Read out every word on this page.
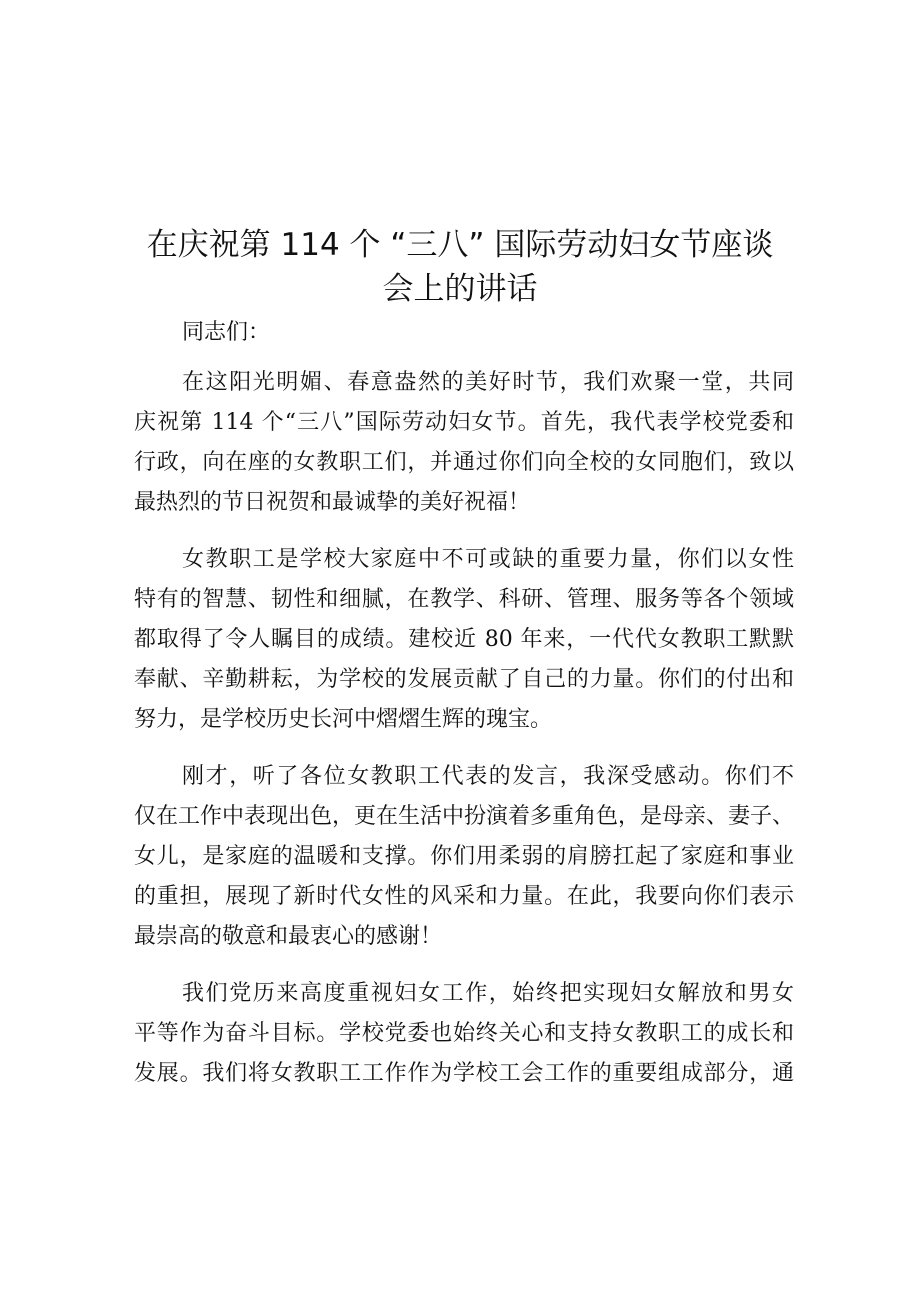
在庆祝第 114 个 “三八” 国际劳动妇女节座谈
会上的讲话

同志们：

在这阳光明媚、春意盎然的美好时节，我们欢聚一堂，共同
庆祝第 114 个“三八”国际劳动妇女节。首先，我代表学校党委和
行政，向在座的女教职工们，并通过你们向全校的女同胞们，致以
最热烈的节日祝贺和最诚挚的美好祝福！
女教职工是学校大家庭中不可或缺的重要力量，你们以女性
特有的智慧、韧性和细腻，在教学、科研、管理、服务等各个领域
都取得了令人瞩目的成绩。建校近 80 年来，一代代女教职工默默
奉献、辛勤耕耘，为学校的发展贡献了自己的力量。你们的付出和
努力，是学校历史长河中熠熠生辉的瑰宝。
刚才，听了各位女教职工代表的发言，我深受感动。你们不
仅在工作中表现出色，更在生活中扮演着多重角色，是母亲、妻子、
女儿，是家庭的温暖和支撑。你们用柔弱的肩膀扛起了家庭和事业
的重担，展现了新时代女性的风采和力量。在此，我要向你们表示
最崇高的敬意和最衷心的感谢！
我们党历来高度重视妇女工作，始终把实现妇女解放和男女
平等作为奋斗目标。学校党委也始终关心和支持女教职工的成长和
发展。我们将女教职工工作作为学校工会工作的重要组成部分，通
